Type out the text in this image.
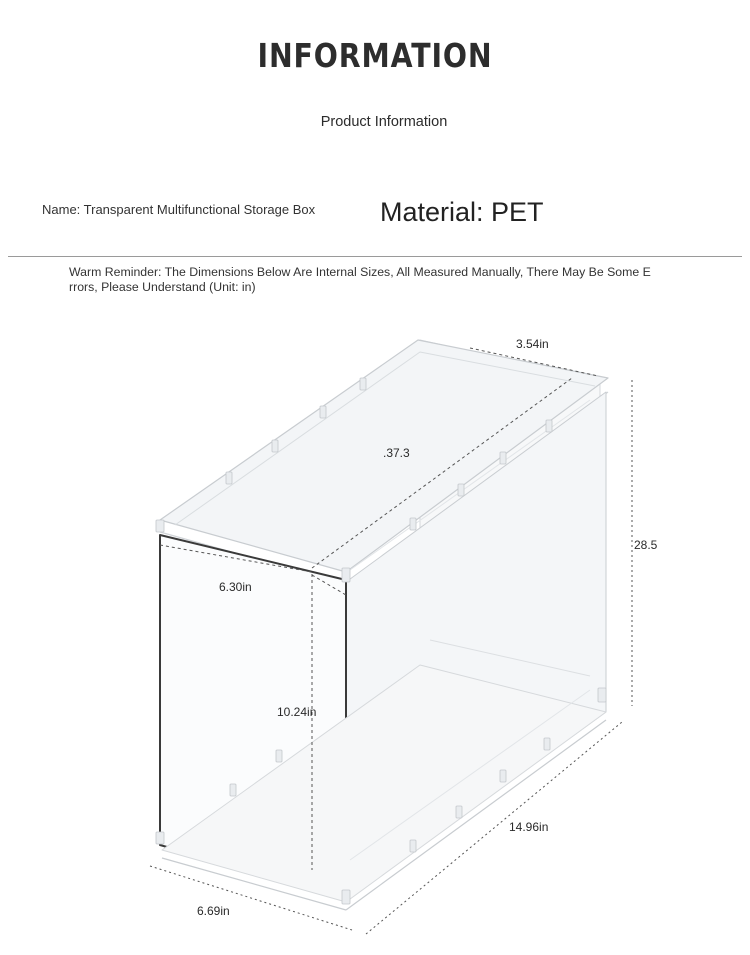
INFORMATION
Product Information
Name: Transparent Multifunctional Storage Box Material: PET
Warm Reminder: The Dimensions Below Are Internal Sizes, All Measured Manually, There May Be Some E
rrors, Please Understand (Unit: in)
3.54in
.37.3
28.5
6.30in
10.24in
14.96in
6.69in
